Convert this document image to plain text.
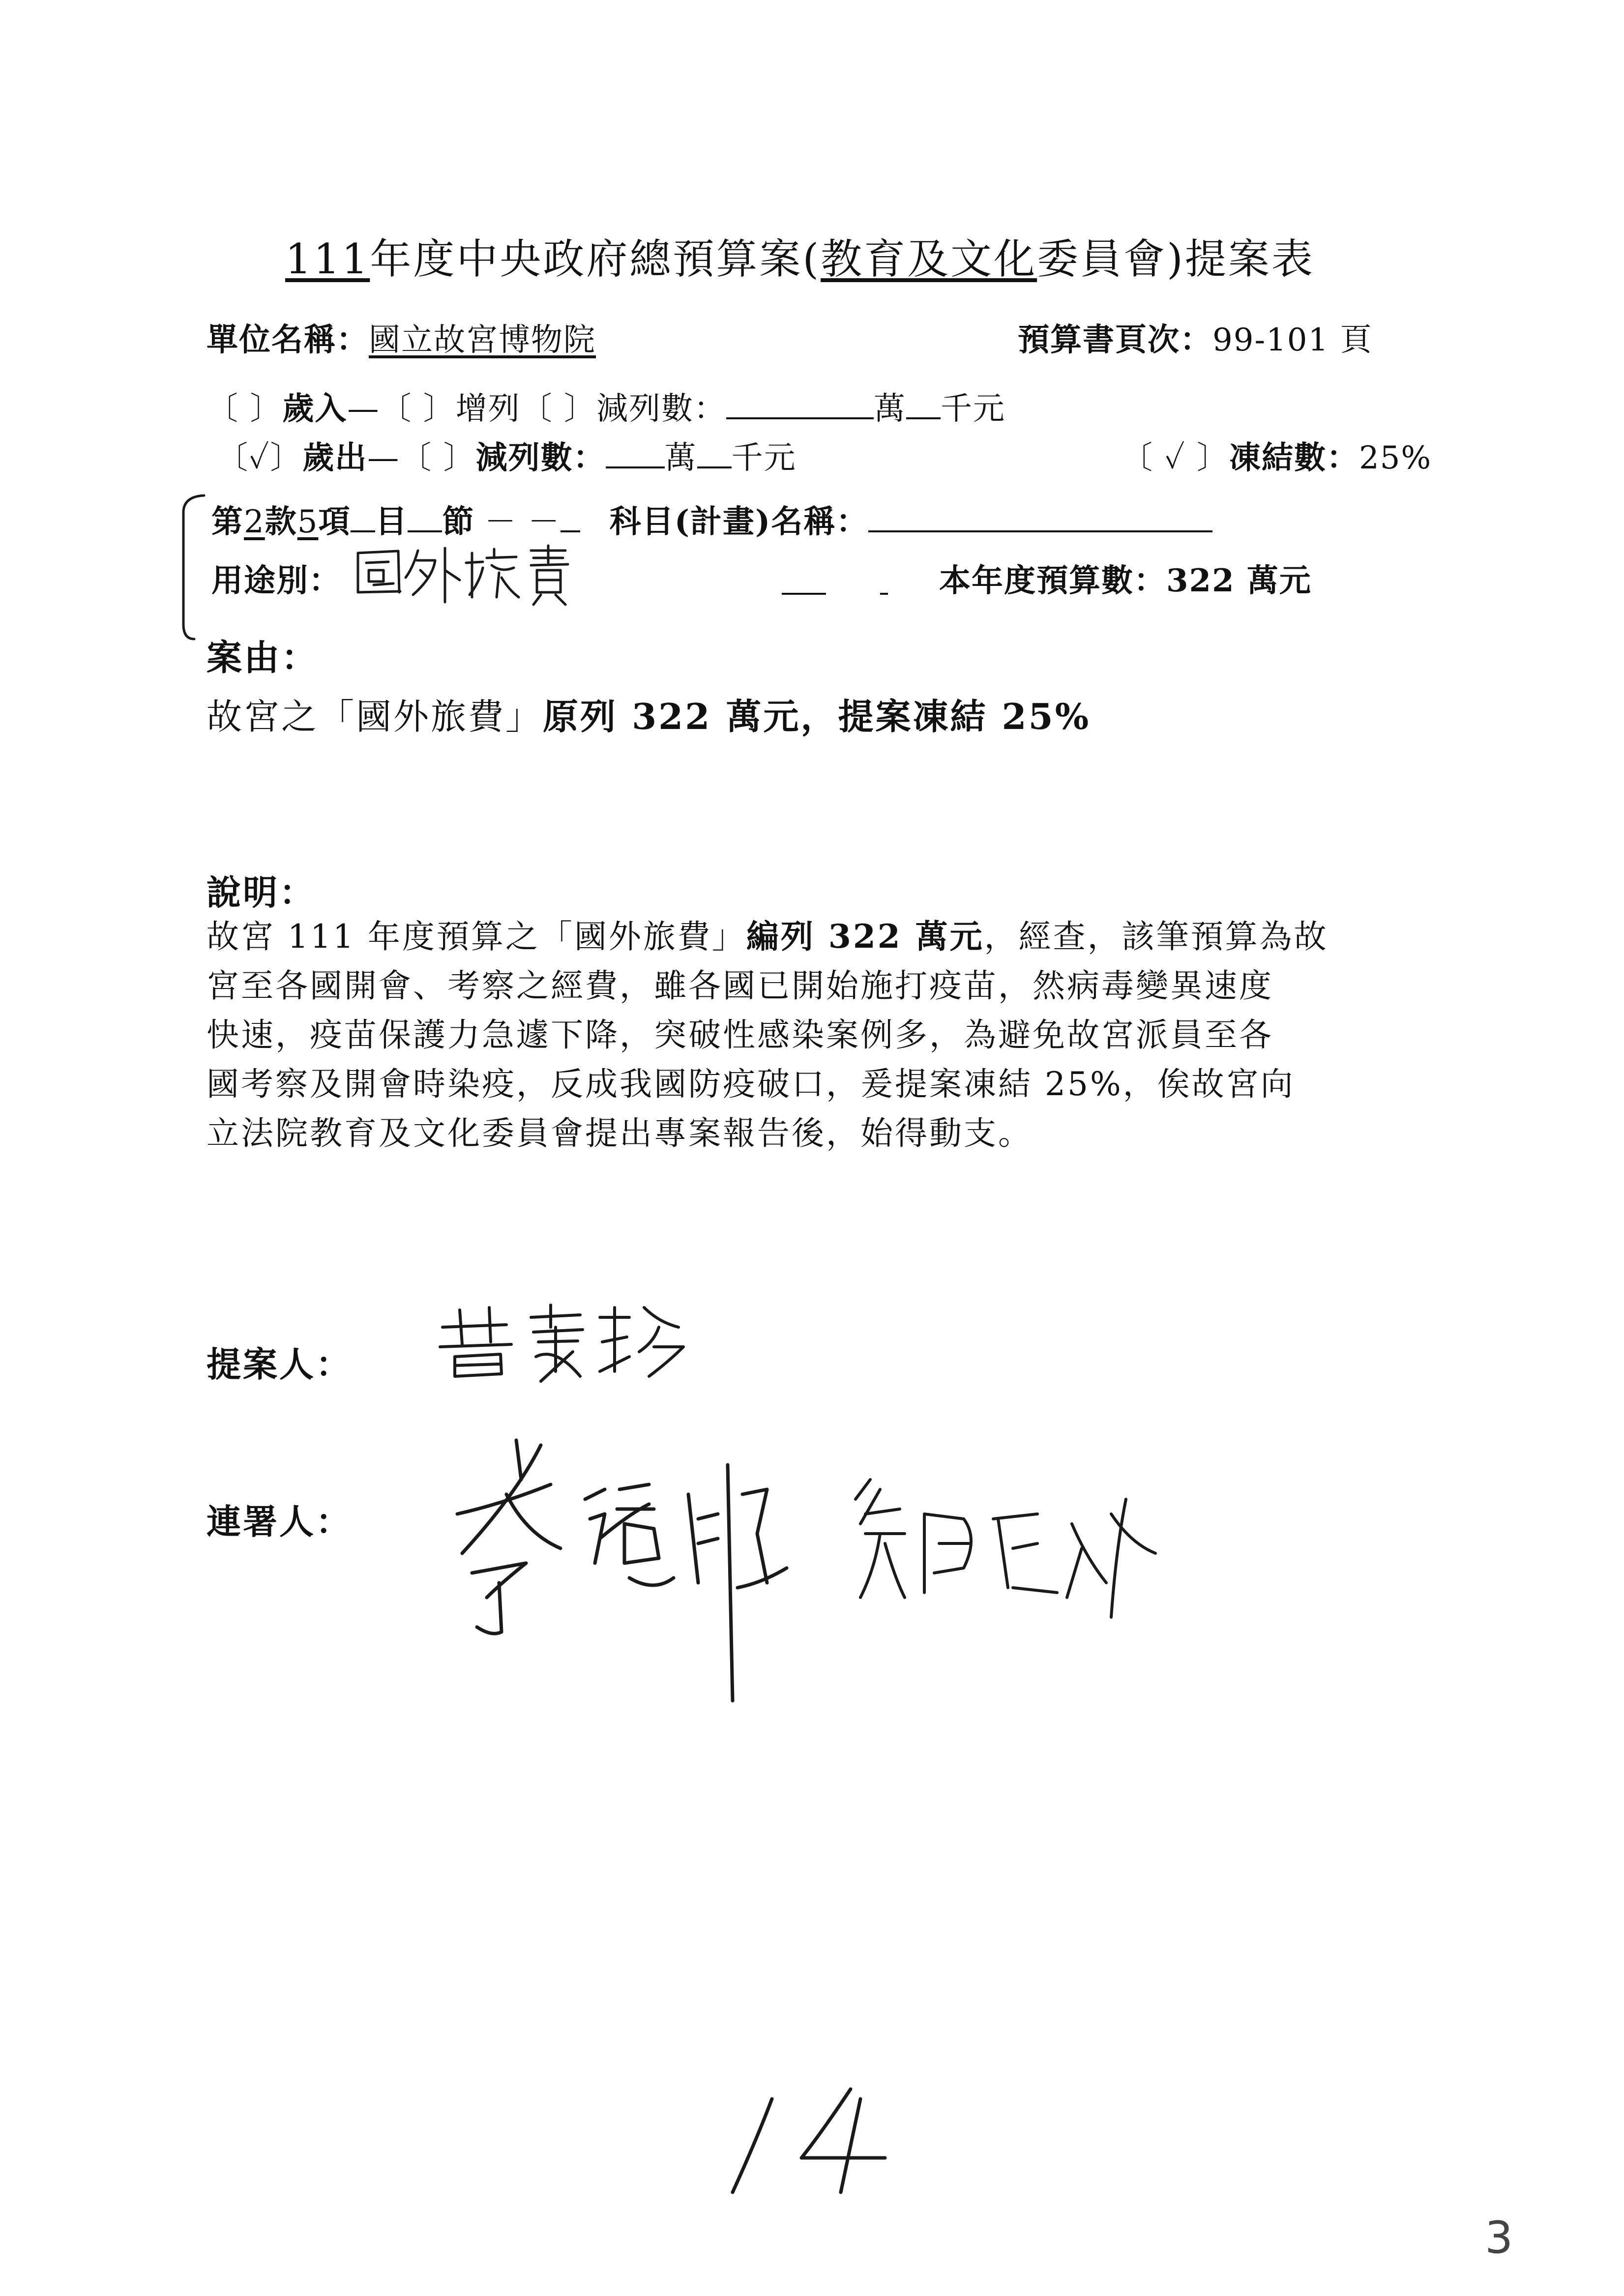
111年度中央政府總預算案(教育及文化委員會)提案表
單位名稱：國立故宮博物院	預算書頁次：99-101 頁
〔 〕歲入—〔 〕增列〔 〕減列數：	萬 千元
〔✓〕歲出—〔 〕減列數： 萬 千元	〔 ✓ 〕凍結數：25%
第2款5項 目 節 － － 科目(計畫)名稱：
用途別：	本年度預算數：322 萬元
案由：
故宮之「國外旅費」原列 322 萬元，提案凍結 25%
說明：
故宮 111 年度預算之「國外旅費」編列 322 萬元，經查，該筆預算為故
宮至各國開會、考察之經費，雖各國已開始施打疫苗，然病毒變異速度
快速，疫苗保護力急遽下降，突破性感染案例多，為避免故宮派員至各
國考察及開會時染疫，反成我國防疫破口，爰提案凍結 25%，俟故宮向
立法院教育及文化委員會提出專案報告後，始得動支。
提案人：
連署人：
3
